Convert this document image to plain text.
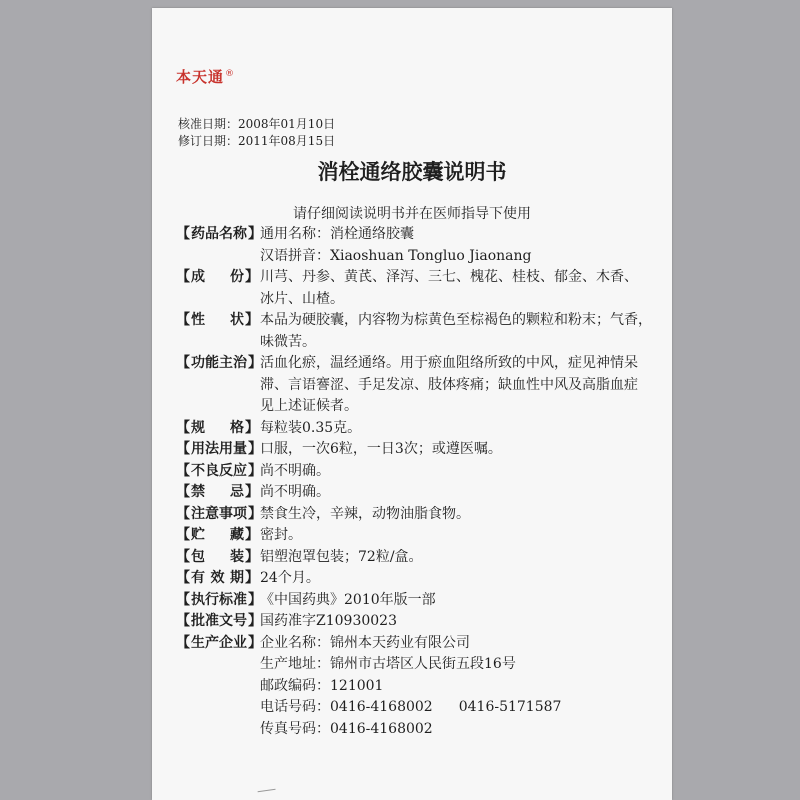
本天通®
核准日期：2008年01月10日
修订日期：2011年08月15日
消栓通络胶囊说明书
请仔细阅读说明书并在医师指导下使用
【 药 品 名 称 】
通用名称：消栓通络胶囊
汉语拼音：Xiaoshuan Tongluo Jiaonang
【 成 份 】 川芎、丹参、黄芪、泽泻、三七、槐花、桂枝、郁金、木香、
冰片、山楂。
【 性 状 】 本品为硬胶囊，内容物为棕黄色至棕褐色的颗粒和粉末；气香，
味微苦。
【 功 能 主 治 】
活血化瘀，温经通络。用于瘀血阻络所致的中风，症见神情呆
滞、言语謇涩、手足发凉、肢体疼痛；缺血性中风及高脂血症
见上述证候者。
【 规 格 】 每粒装0.35克。
【 用 法 用 量 】
口服，一次6粒，一日3次；或遵医嘱。
【 不 良 反 应 】
尚不明确。
【 禁 忌 】 尚不明确。
【 注 意 事 项 】
禁食生冷，辛辣，动物油脂食物。
【 贮 藏 】 密封。
【 包 装 】 铝塑泡罩包装；72粒/盒。
【 有 效 期 】 24个月。
【 执 行 标 准 】
《中国药典》2010年版一部
【 批 准 文 号 】
国药准字Z10930023
【 生 产 企 业 】
企业名称：锦州本天药业有限公司
生产地址：锦州市古塔区人民街五段16号
邮政编码：121001
电话号码：0416-4168002 0416-5171587
传真号码：0416-4168002
